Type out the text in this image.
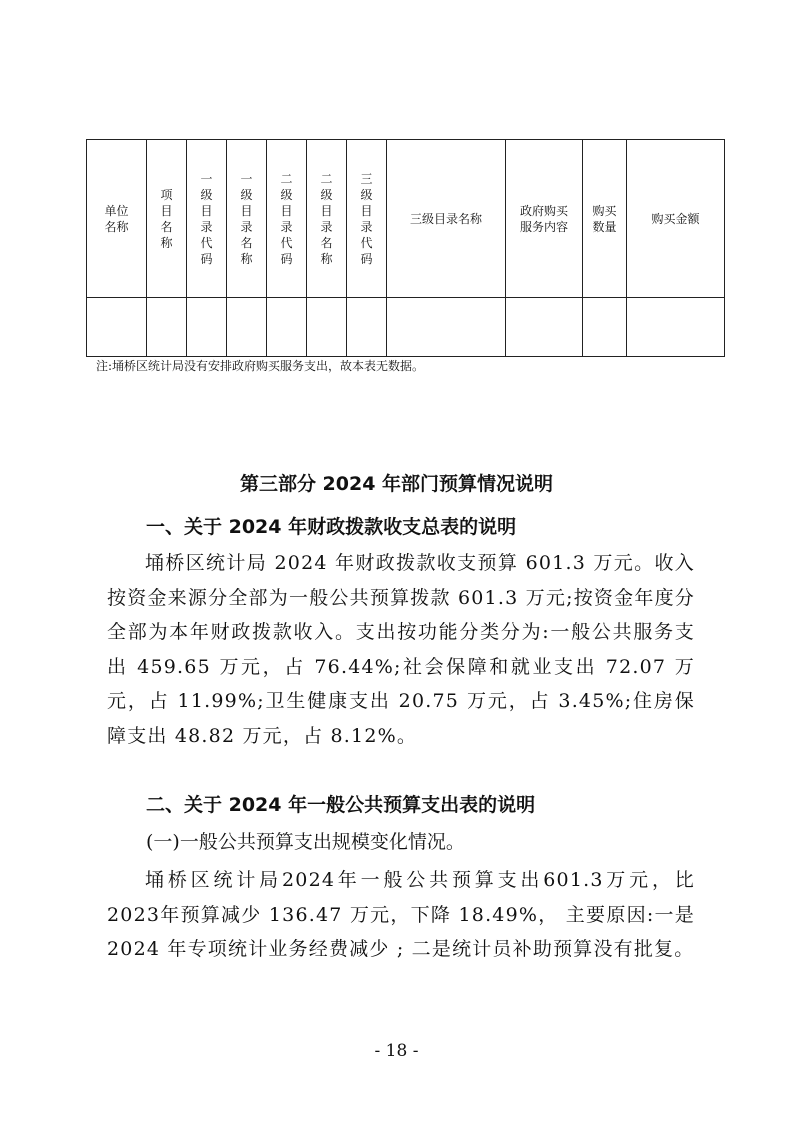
单位名称	项目名称	一级目录代码	一级目录名称	二级目录代码	二级目录名称	三级目录代码	三级目录名称	政府购买服务内容	购买数量	购买金额

注:埇桥区统计局没有安排政府购买服务支出，故本表无数据。
第三部分 2024 年部门预算情况说明
一、关于 2024 年财政拨款收支总表的说明
埇桥区统计局 2024 年财政拨款收支预算 601.3 万元。收入按资金来源分全部为一般公共预算拨款 601.3 万元;按资金年度分全部为本年财政拨款收入。支出按功能分类分为:一般公共服务支出 459.65 万元，占 76.44%;社会保障和就业支出 72.07 万元，占 11.99%;卫生健康支出 20.75 万元，占 3.45%;住房保障支出 48.82 万元，占 8.12%。
二、关于 2024 年一般公共预算支出表的说明
(一)一般公共预算支出规模变化情况。
埇桥区统计局2024年一般公共预算支出601.3万元，比2023年预算减少 136.47 万元，下降 18.49%， 主要原因:一是 2024 年专项统计业务经费减少 ; 二是统计员补助预算没有批复。
- 18 -
